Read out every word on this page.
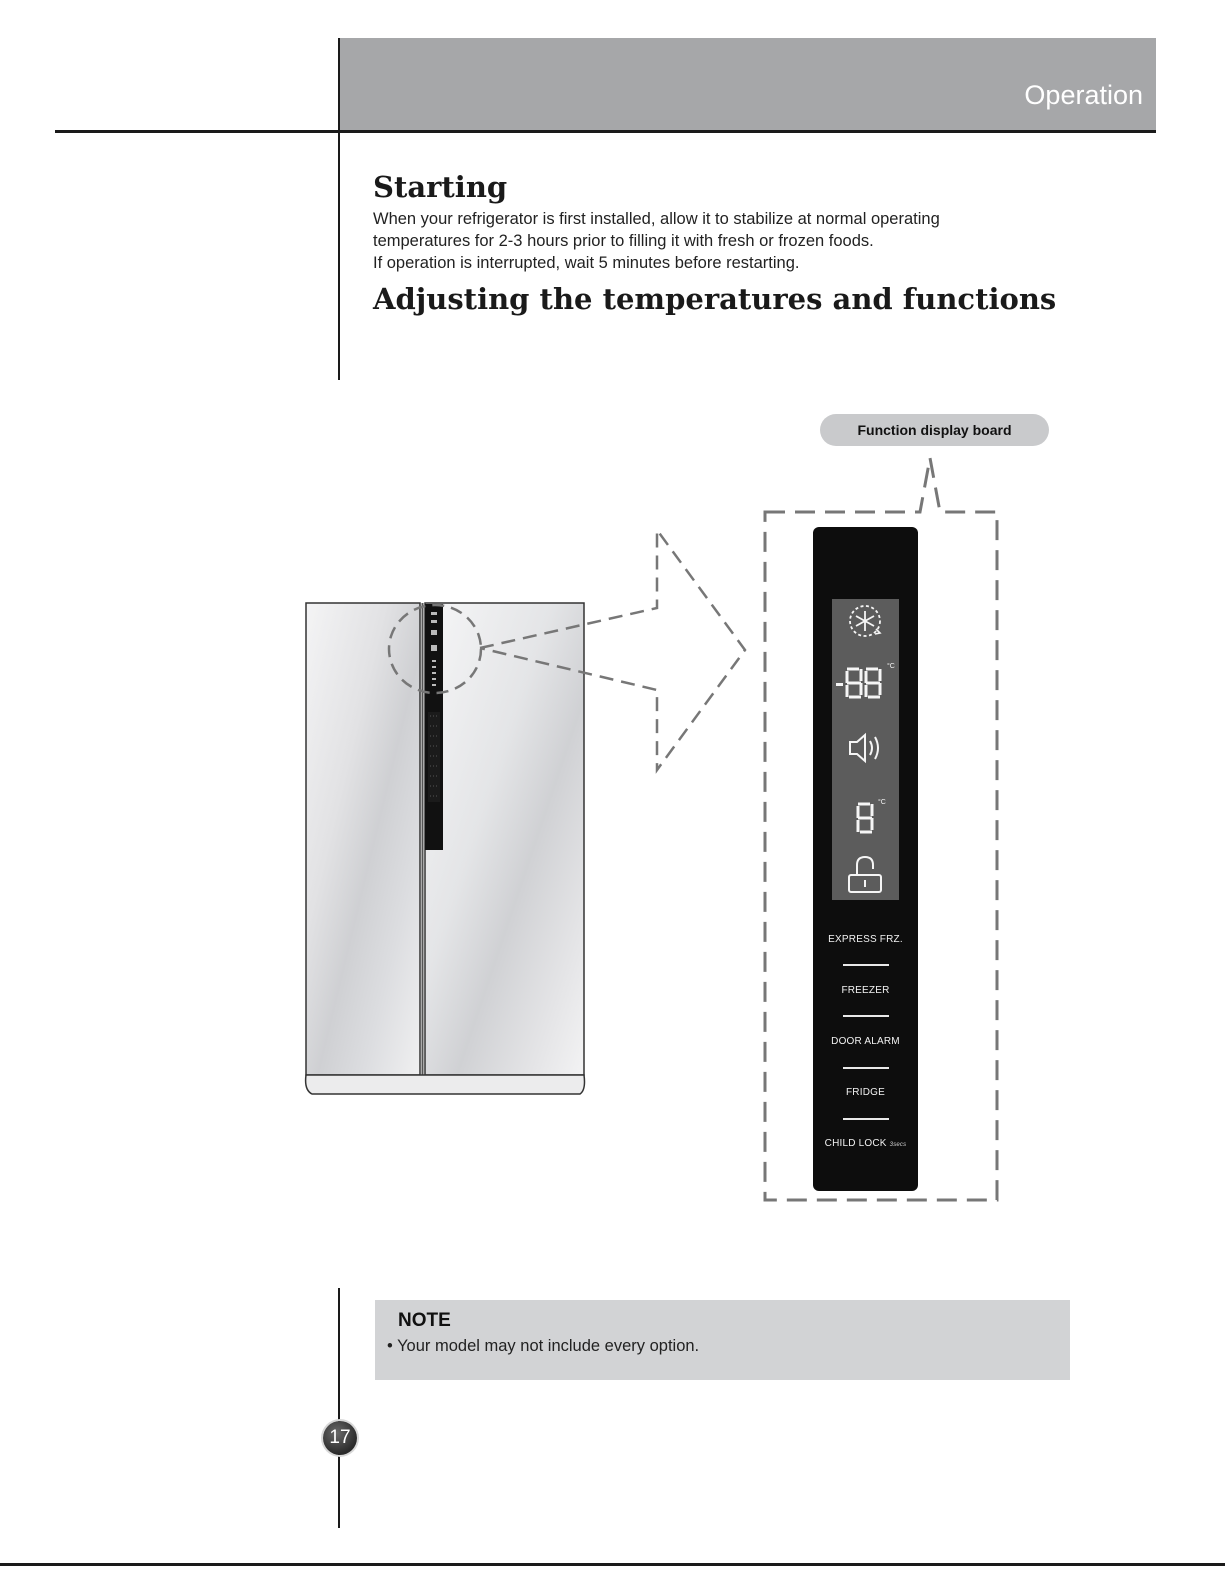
Operation
Starting

When your refrigerator is first installed, allow it to stabilize at normal operating

temperatures for 2-3 hours prior to filling it with fresh or frozen foods.

If operation is interrupted, wait 5 minutes before restarting.

Adjusting the temperatures and functions
Function display board
°C
°C
EXPRESS FRZ.
FREEZER
DOOR ALARM
FRIDGE
CHILD LOCK 3secs
NOTE
• Your model may not include every option.
17
